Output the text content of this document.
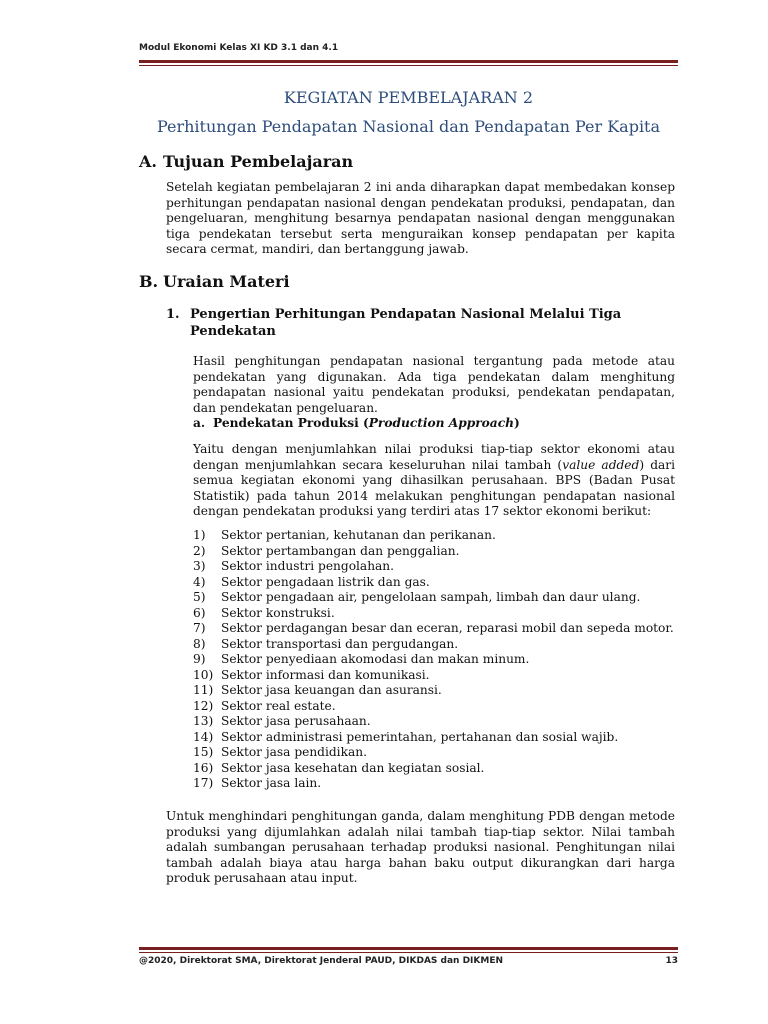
Modul Ekonomi Kelas XI KD 3.1 dan 4.1
KEGIATAN PEMBELAJARAN 2
Perhitungan Pendapatan Nasional dan Pendapatan Per Kapita
A. Tujuan Pembelajaran
Setelah kegiatan pembelajaran 2 ini anda diharapkan dapat membedakan konsep perhitungan pendapatan nasional dengan pendekatan produksi, pendapatan, dan pengeluaran, menghitung besarnya pendapatan nasional dengan menggunakan tiga pendekatan tersebut serta menguraikan konsep pendapatan per kapita secara cermat, mandiri, dan bertanggung jawab.
B. Uraian Materi
1. Pengertian Perhitungan Pendapatan Nasional Melalui Tiga
Pendekatan
Hasil penghitungan pendapatan nasional tergantung pada metode atau pendekatan yang digunakan. Ada tiga pendekatan dalam menghitung pendapatan nasional yaitu pendekatan produksi, pendekatan pendapatan, dan pendekatan pengeluaran.
a. Pendekatan Produksi (Production Approach)
Yaitu dengan menjumlahkan nilai produksi tiap-tiap sektor ekonomi atau dengan menjumlahkan secara keseluruhan nilai tambah (value added) dari semua kegiatan ekonomi yang dihasilkan perusahaan. BPS (Badan Pusat Statistik) pada tahun 2014 melakukan penghitungan pendapatan nasional dengan pendekatan produksi yang terdiri atas 17 sektor ekonomi berikut:
1) Sektor pertanian, kehutanan dan perikanan.
2) Sektor pertambangan dan penggalian.
3) Sektor industri pengolahan.
4) Sektor pengadaan listrik dan gas.
5) Sektor pengadaan air, pengelolaan sampah, limbah dan daur ulang.
6) Sektor konstruksi.
7) Sektor perdagangan besar dan eceran, reparasi mobil dan sepeda motor.
8) Sektor transportasi dan pergudangan.
9) Sektor penyediaan akomodasi dan makan minum.
10) Sektor informasi dan komunikasi.
11) Sektor jasa keuangan dan asuransi.
12) Sektor real estate.
13) Sektor jasa perusahaan.
14) Sektor administrasi pemerintahan, pertahanan dan sosial wajib.
15) Sektor jasa pendidikan.
16) Sektor jasa kesehatan dan kegiatan sosial.
17) Sektor jasa lain.
Untuk menghindari penghitungan ganda, dalam menghitung PDB dengan metode produksi yang dijumlahkan adalah nilai tambah tiap-tiap sektor. Nilai tambah adalah sumbangan perusahaan terhadap produksi nasional. Penghitungan nilai tambah adalah biaya atau harga bahan baku output dikurangkan dari harga produk perusahaan atau input.
@2020, Direktorat SMA, Direktorat Jenderal PAUD, DIKDAS dan DIKMEN	13
